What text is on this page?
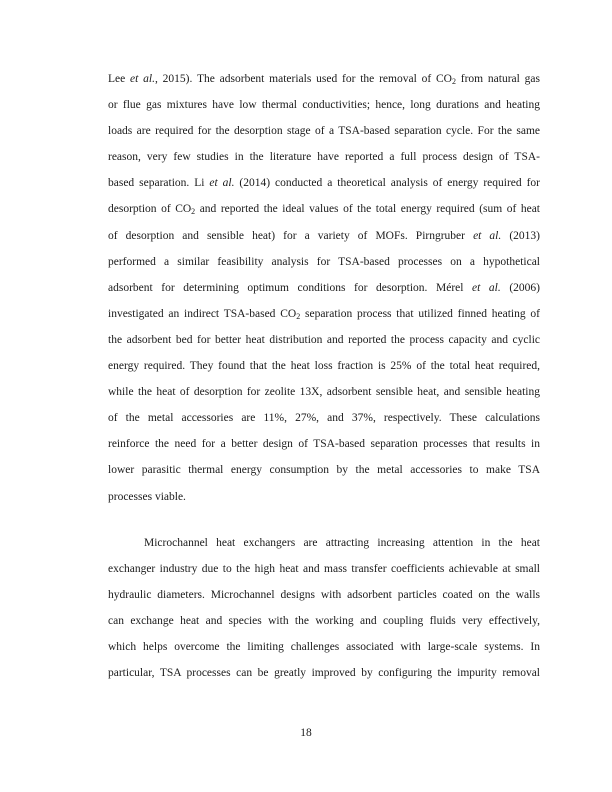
Lee et al., 2015). The adsorbent materials used for the removal of $CO_2$ from natural gas
or flue gas mixtures have low thermal conductivities; hence, long durations and heating
loads are required for the desorption stage of a TSA-based separation cycle. For the same
reason, very few studies in the literature have reported a full process design of TSA-
based separation. Li et al. (2014) conducted a theoretical analysis of energy required for
desorption of $CO_2$ and reported the ideal values of the total energy required (sum of heat
of desorption and sensible heat) for a variety of MOFs. Pirngruber et al. (2013)
performed a similar feasibility analysis for TSA-based processes on a hypothetical
adsorbent for determining optimum conditions for desorption. Mérel et al. (2006)
investigated an indirect TSA-based $CO_2$ separation process that utilized finned heating of
the adsorbent bed for better heat distribution and reported the process capacity and cyclic
energy required. They found that the heat loss fraction is 25% of the total heat required,
while the heat of desorption for zeolite 13X, adsorbent sensible heat, and sensible heating
of the metal accessories are 11%, 27%, and 37%, respectively. These calculations
reinforce the need for a better design of TSA-based separation processes that results in
lower parasitic thermal energy consumption by the metal accessories to make TSA
processes viable.

Microchannel heat exchangers are attracting increasing attention in the heat
exchanger industry due to the high heat and mass transfer coefficients achievable at small
hydraulic diameters. Microchannel designs with adsorbent particles coated on the walls
can exchange heat and species with the working and coupling fluids very effectively,
which helps overcome the limiting challenges associated with large-scale systems. In
particular, TSA processes can be greatly improved by configuring the impurity removal

18
